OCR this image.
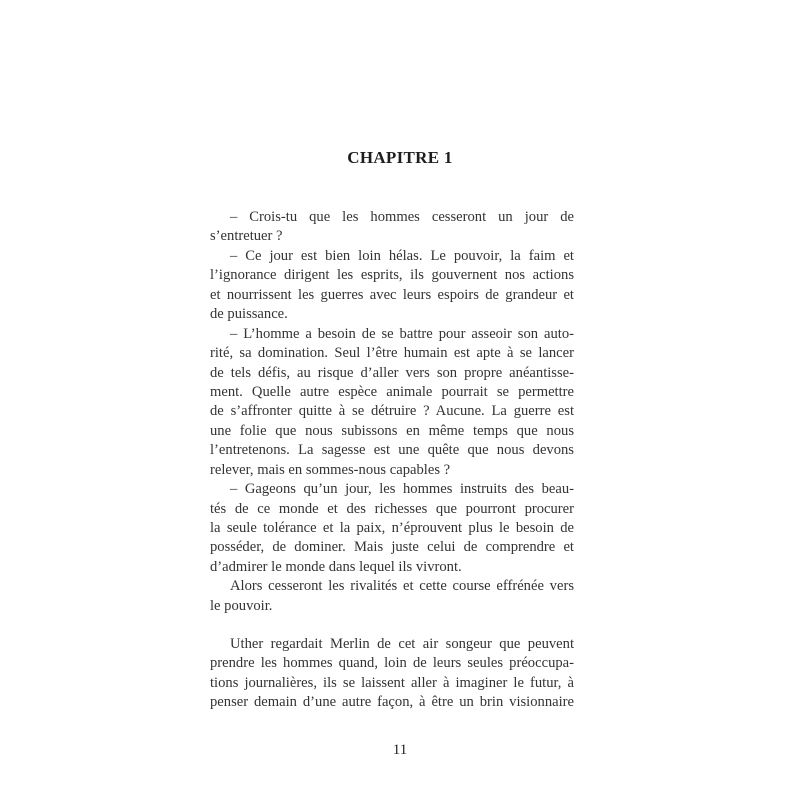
CHAPITRE 1
– Crois-tu que les hommes cesseront un jour de
s’entretuer ?
– Ce jour est bien loin hélas. Le pouvoir, la faim et
l’ignorance dirigent les esprits, ils gouvernent nos actions
et nourrissent les guerres avec leurs espoirs de grandeur et
de puissance.
– L’homme a besoin de se battre pour asseoir son auto-
rité, sa domination. Seul l’être humain est apte à se lancer
de tels défis, au risque d’aller vers son propre anéantisse-
ment. Quelle autre espèce animale pourrait se permettre
de s’affronter quitte à se détruire ? Aucune. La guerre est
une folie que nous subissons en même temps que nous
l’entretenons. La sagesse est une quête que nous devons
relever, mais en sommes-nous capables ?
– Gageons qu’un jour, les hommes instruits des beau-
tés de ce monde et des richesses que pourront procurer
la seule tolérance et la paix, n’éprouvent plus le besoin de
posséder, de dominer. Mais juste celui de comprendre et
d’admirer le monde dans lequel ils vivront.
Alors cesseront les rivalités et cette course effrénée vers
le pouvoir.
Uther regardait Merlin de cet air songeur que peuvent
prendre les hommes quand, loin de leurs seules préoccupa-
tions journalières, ils se laissent aller à imaginer le futur, à
penser demain d’une autre façon, à être un brin visionnaire
11
